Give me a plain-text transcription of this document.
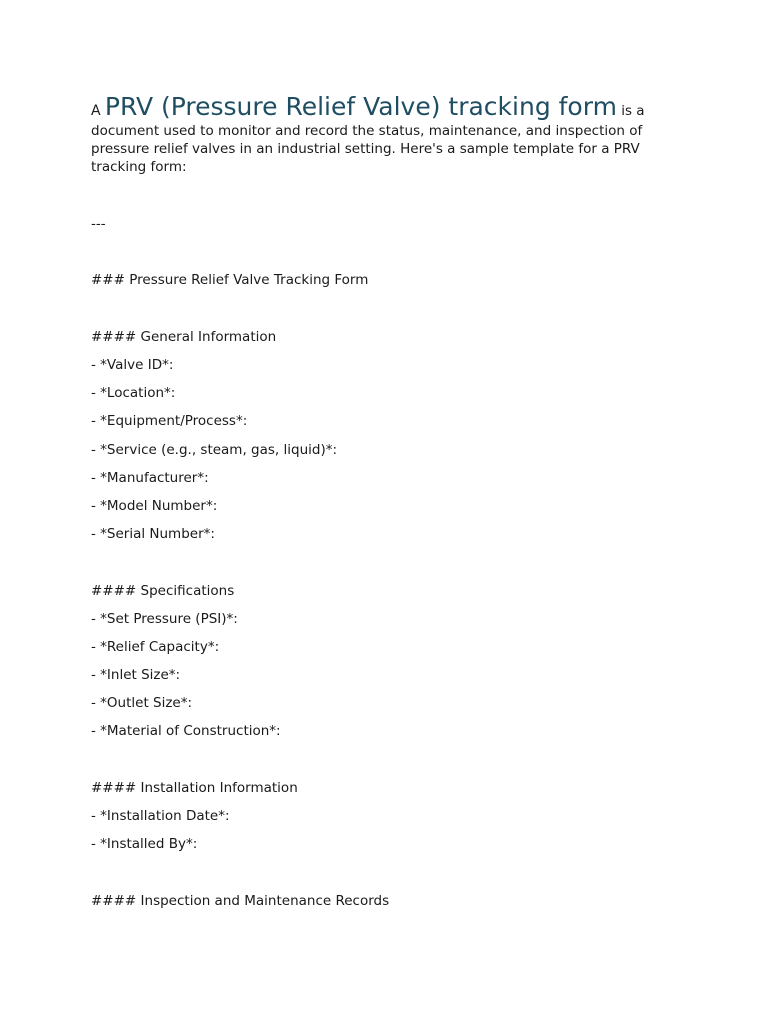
A PRV (Pressure Relief Valve) tracking form is a document used to monitor and record the status, maintenance, and inspection of pressure relief valves in an industrial setting. Here's a sample template for a PRV tracking form:

---
### Pressure Relief Valve Tracking Form
#### General Information
- *Valve ID*:
- *Location*:
- *Equipment/Process*:
- *Service (e.g., steam, gas, liquid)*:
- *Manufacturer*:
- *Model Number*:
- *Serial Number*:
#### Specifications
- *Set Pressure (PSI)*:
- *Relief Capacity*:
- *Inlet Size*:
- *Outlet Size*:
- *Material of Construction*:
#### Installation Information
- *Installation Date*:
- *Installed By*:
#### Inspection and Maintenance Records
